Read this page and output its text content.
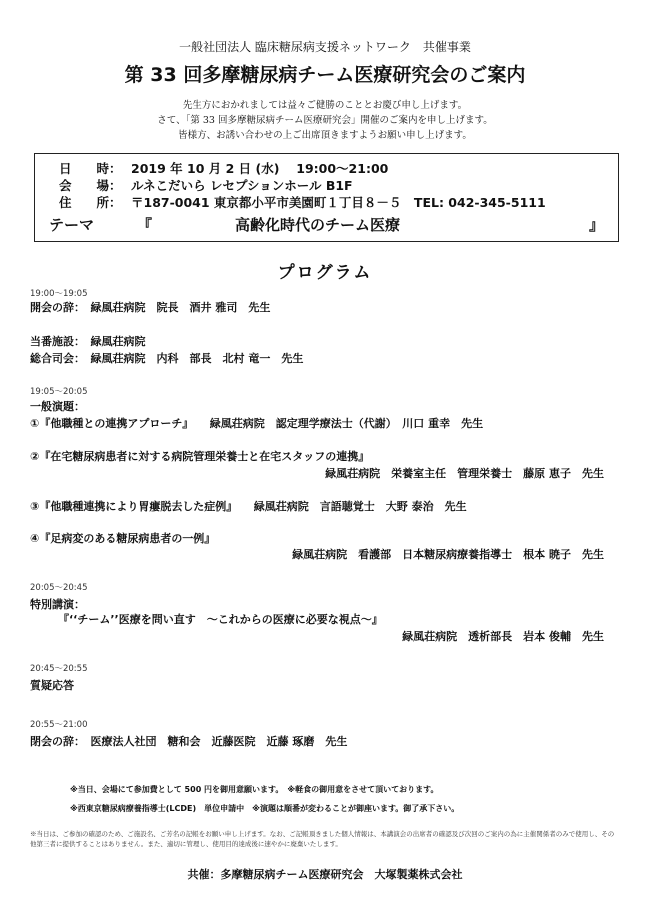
一般社団法人 臨床糖尿病支援ネットワーク　共催事業
第 33 回多摩糖尿病チーム医療研究会のご案内
先生方におかれましては益々ご健勝のこととお慶び申し上げます。
さて、「第 33 回多摩糖尿病チーム医療研究会」開催のご案内を申し上げます。
皆様方、お誘い合わせの上ご出席頂きますようお願い申し上げます。
日　　時： 2019 年 10 月 2 日 (水)　 19:00～21:00
会　　場： ルネこだいら レセプションホール B1F
住　　所： 〒187-0041 東京都小平市美園町１丁目８－５　TEL: 042-345-5111
テーマ	『	高齢化時代のチーム医療	』
プログラム
19:00～19:05
開会の辞：　緑風荘病院　院長　酒井 雅司　先生
当番施設：　緑風荘病院
総合司会：　緑風荘病院　内科　部長　北村 竜一　先生
19:05～20:05
一般演題：
①『他職種との連携アプローチ』　　緑風荘病院　認定理学療法士（代謝）　川口 重幸　先生
②『在宅糖尿病患者に対する病院管理栄養士と在宅スタッフの連携』
緑風荘病院　栄養室主任　管理栄養士　藤原 恵子　先生
③『他職種連携により胃瘻脱去した症例』　　緑風荘病院　言語聴覚士　大野 泰治　先生
④『足病変のある糖尿病患者の一例』
緑風荘病院　看護部　日本糖尿病療養指導士　根本 暁子　先生
20:05～20:45
特別講演：
『‘‘チーム’’医療を問い直す　～これからの医療に必要な視点～』
緑風荘病院　透析部長　岩本 俊輔　先生
20:45～20:55
質疑応答
20:55～21:00
閉会の辞：　医療法人社団　糖和会　近藤医院　近藤 琢磨　先生
※当日、会場にて参加費として 500 円を御用意願います。　※軽食の御用意をさせて頂いております。
※西東京糖尿病療養指導士(LCDE)　単位申請中　※演題は順番が変わることが御座います。御了承下さい。
※当日は、ご参加の確認のため、ご施設名、ご芳名の記帳をお願い申し上げます。なお、ご記帳頂きました個人情報は、本講演会の出席者の確認及び次回のご案内の為に主催関係者のみで使用し、その他第三者に提供することはありません。また、適切に管理し、使用目的達成後に速やかに廃棄いたします。
共催：多摩糖尿病チーム医療研究会　大塚製薬株式会社
